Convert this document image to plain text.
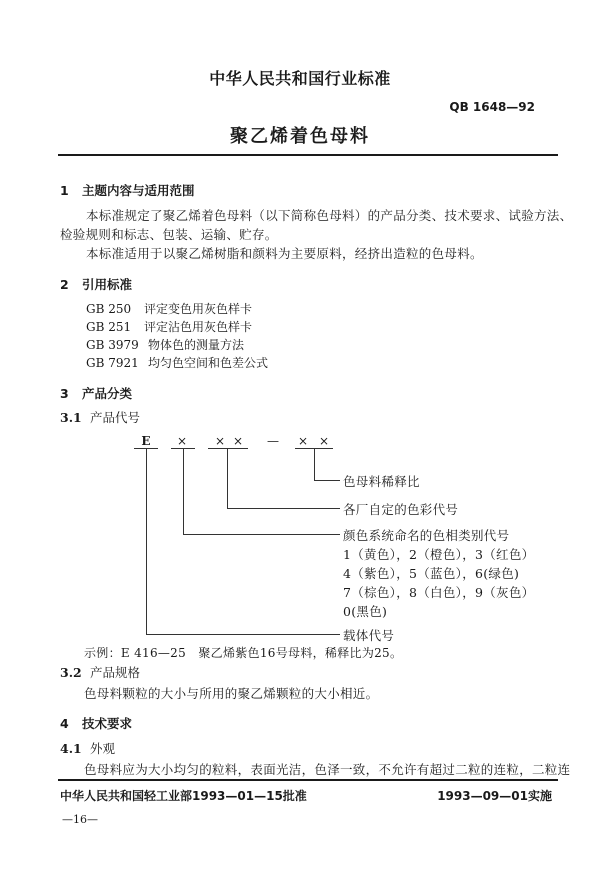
中华人民共和国行业标准
QB 1648—92
聚乙烯着色母料
1 主题内容与适用范围
本标准规定了聚乙烯着色母料（以下简称色母料）的产品分类、技术要求、试验方法、
检验规则和标志、包装、运输、贮存。
本标准适用于以聚乙烯树脂和颜料为主要原料，经挤出造粒的色母料。
2 引用标准
GB 250 评定变色用灰色样卡
GB 251 评定沾色用灰色样卡
GB 3979 物体色的测量方法
GB 7921 均匀色空间和色差公式
3 产品分类
3.1 产品代号
E	×	× ×	—	× ×
色母料稀释比
各厂自定的色彩代号
颜色系统命名的色相类别代号
1（黄色），2（橙色），3（红色）
4（紫色），5（蓝色），6(绿色)
7（棕色），8（白色），9（灰色）
0(黑色)
载体代号
示例：E 416—25　聚乙烯紫色16号母料，稀释比为25。
3.2 产品规格
色母料颗粒的大小与所用的聚乙烯颗粒的大小相近。
4 技术要求
4.1 外观
色母料应为大小均匀的粒料，表面光洁，色泽一致，不允许有超过二粒的连粒，二粒连
中华人民共和国轻工业部1993—01—15批准	1993—09—01实施
—16—
